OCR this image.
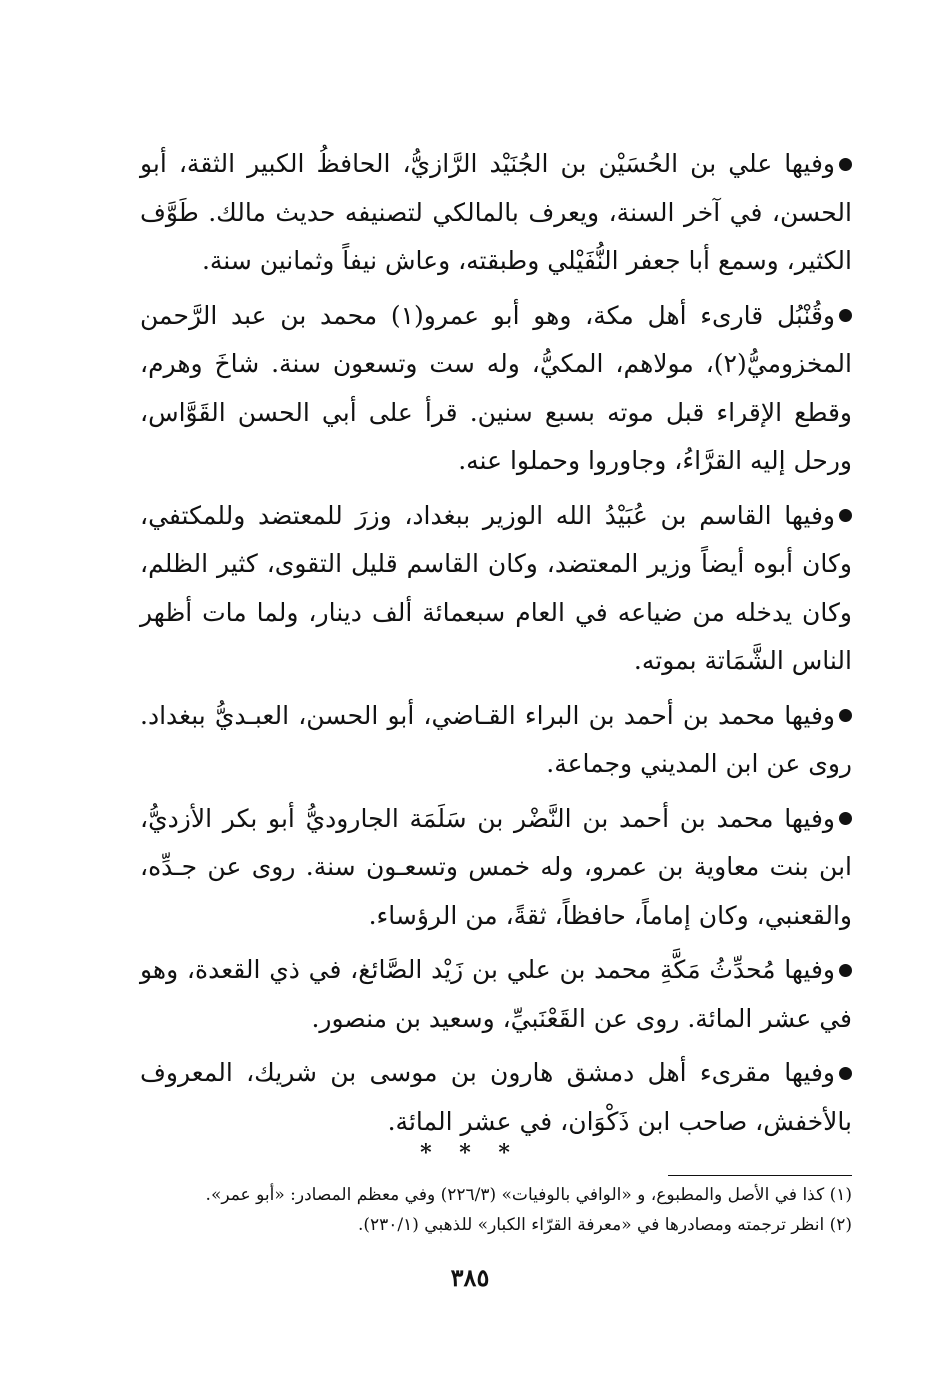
وفيها علي بن الحُسَيْن بن الجُنَيْد الرَّازيُّ، الحافظُ الكبير الثقة، أبو الحسن، في آخر السنة، ويعرف بالمالكي لتصنيفه حديث مالك. طَوَّف الكثير، وسمع أبا جعفر النُّفَيْلي وطبقته، وعاش نيفاً وثمانين سنة.

وقُنْبُل قارىء أهل مكة، وهو أبو عمرو(١) محمد بن عبد الرَّحمن المخزوميُّ(٢)، مولاهم، المكيُّ، وله ست وتسعون سنة. شاخَ وهرم، وقطع الإقراء قبل موته بسبع سنين. قرأ على أبي الحسن القَوَّاس، ورحل إليه القرَّاءُ، وجاوروا وحملوا عنه.

وفيها القاسم بن عُبَيْدُ الله الوزير ببغداد، وزرَ للمعتضد وللمكتفي، وكان أبوه أيضاً وزير المعتضد، وكان القاسم قليل التقوى، كثير الظلم، وكان يدخله من ضياعه في العام سبعمائة ألف دينار، ولما مات أظهر الناس الشَّمَاتة بموته.

وفيها محمد بن أحمد بن البراء القـاضي، أبو الحسن، العبـديُّ ببغداد. روى عن ابن المديني وجماعة.

وفيها محمد بن أحمد بن النَّضْر بن سَلَمَة الجاروديُّ أبو بكر الأزديُّ، ابن بنت معاوية بن عمرو، وله خمس وتسعـون سنة. روى عن جـدِّه، والقعنبي، وكان إماماً، حافظاً، ثقةً، من الرؤساء.

وفيها مُحدِّثُ مَكَّةِ محمد بن علي بن زَيْد الصَّائغ، في ذي القعدة، وهو في عشر المائة. روى عن القَعْنَبيِّ، وسعيد بن منصور.

وفيها مقرىء أهل دمشق هارون بن موسى بن شريك، المعروف بالأخفش، صاحب ابن ذَكْوَان، في عشر المائة.

* * *

(١) كذا في الأصل والمطبوع، و «الوافي بالوفيات» (٢٢٦/٣) وفي معظم المصادر: «أبو عمر».

(٢) انظر ترجمته ومصادرها في «معرفة القرّاء الكبار» للذهبي (٢٣٠/١).

٣٨٥
